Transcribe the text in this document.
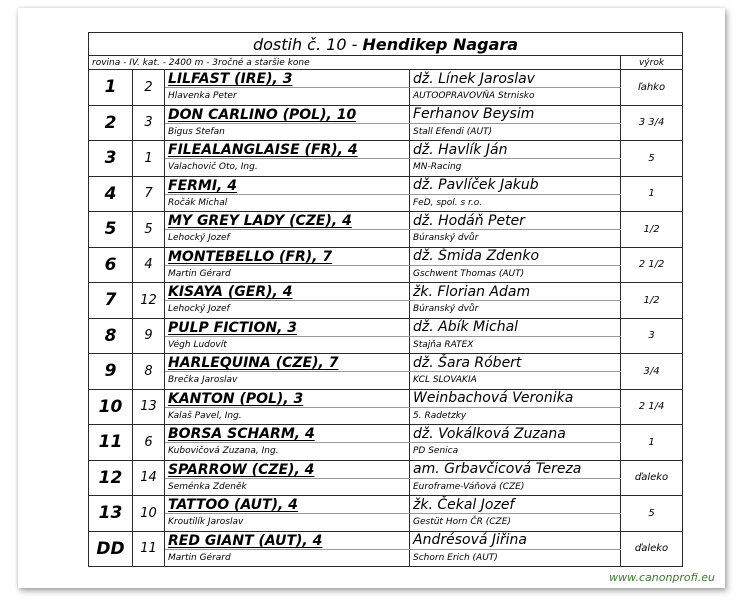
dostih č. 10 - Hendikep Nagara				
rovina - IV. kat. - 2400 m - 3ročné a staršie kone				výrok
1	2	LILFAST (IRE), 3	dž. Línek Jaroslav	ľahko
		Hlavenka Peter	AUTOOPRAVOVŇA Strnisko	
2	3	DON CARLINO (POL), 10	Ferhanov Beysim	3 3/4
		Bigus Stefan	Stall Efendi (AUT)	
3	1	FILEALANGLAISE (FR), 4	dž. Havlík Ján	5
		Valachovič Oto, Ing.	MN-Racing	
4	7	FERMI, 4	dž. Pavlíček Jakub	1
		Ročák Michal	FeD, spol. s r.o.	
5	5	MY GREY LADY (CZE), 4	dž. Hodáň Peter	1/2
		Lehocký Jozef	Búranský dvůr	
6	4	MONTEBELLO (FR), 7	dž. Šmida Zdenko	2 1/2
		Martin Gérard	Gschwent Thomas (AUT)	
7	12	KISAYA (GER), 4	žk. Florian Adam	1/2
		Lehocký Jozef	Búranský dvůr	
8	9	PULP FICTION, 3	dž. Abík Michal	3
		Végh Ludovít	Stajňa RATEX	
9	8	HARLEQUINA (CZE), 7	dž. Šara Róbert	3/4
		Brečka Jaroslav	KCL SLOVAKIA	
10	13	KANTON (POL), 3	Weinbachová Veronika	2 1/4
		Kalaš Pavel, Ing.	5. Radetzky	
11	6	BORSA SCHARM, 4	dž. Vokálková Zuzana	1
		Kubovičová Zuzana, Ing.	PD Senica	
12	14	SPARROW (CZE), 4	am. Grbavčicová Tereza	ďaleko
		Seménka Zdeněk	Euroframe-Váňová (CZE)	
13	10	TATTOO (AUT), 4	žk. Čekal Jozef	5
		Kroutilík Jaroslav	Gestüt Horn ČR (CZE)	
DD	11	RED GIANT (AUT), 4	Andrésová Jiřina	ďaleko
		Martin Gérard	Schorn Erich (AUT)	
www.canonprofi.eu
